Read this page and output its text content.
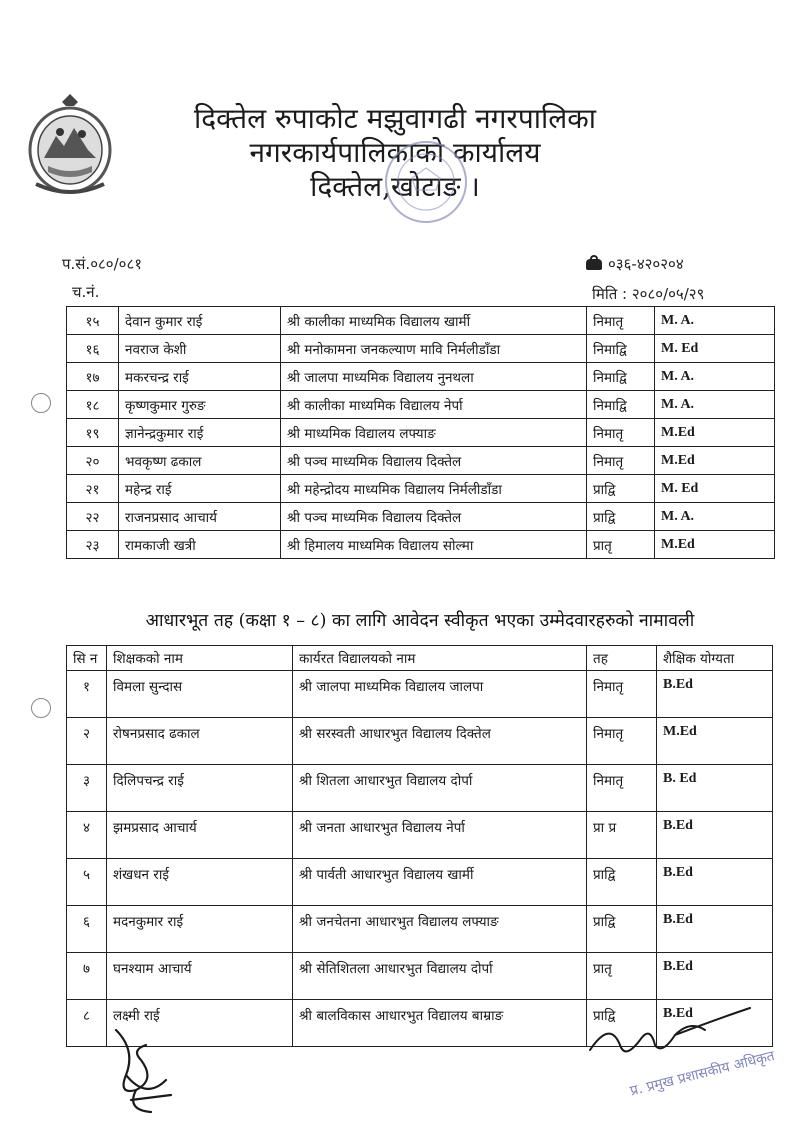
दिक्तेल रुपाकोट मझुवागढी नगरपालिका
नगरकार्यपालिकाको कार्यालय
दिक्तेल,खोटाङ ।
प.सं.०८०/०८१
च.नं.
०३६-४२०२०४
मिति : २०८०/०५/२९
१५	देवान कुमार राई	श्री कालीका माध्यमिक विद्यालय खार्मी	निमातृ	M. A.
१६	नवराज केशी	श्री मनोकामना जनकल्याण मावि निर्मलीडाँडा	निमाद्वि	M. Ed
१७	मकरचन्द्र राई	श्री जालपा माध्यमिक विद्यालय नुनथला	निमाद्वि	M. A.
१८	कृष्णकुमार गुरुङ	श्री कालीका माध्यमिक विद्यालय नेर्पा	निमाद्वि	M. A.
१९	ज्ञानेन्द्रकुमार राई	श्री माध्यमिक विद्यालय लफ्याङ	निमातृ	M.Ed
२०	भवकृष्ण ढकाल	श्री पञ्च माध्यमिक विद्यालय दिक्तेल	निमातृ	M.Ed
२१	महेन्द्र राई	श्री महेन्द्रोदय माध्यमिक विद्यालय निर्मलीडाँडा	प्राद्वि	M. Ed
२२	राजनप्रसाद आचार्य	श्री पञ्च माध्यमिक विद्यालय दिक्तेल	प्राद्वि	M. A.
२३	रामकाजी खत्री	श्री हिमालय माध्यमिक विद्यालय सोल्मा	प्रातृ	M.Ed
आधारभूत तह (कक्षा १ – ८) का लागि आवेदन स्वीकृत भएका उम्मेदवारहरुको नामावली
सि न	शिक्षकको नाम	कार्यरत विद्यालयको नाम	तह	शैक्षिक योग्यता
१	विमला सुन्दास	श्री जालपा माध्यमिक विद्यालय जालपा	निमातृ	B.Ed
२	रोषनप्रसाद ढकाल	श्री सरस्वती आधारभुत विद्यालय दिक्तेल	निमातृ	M.Ed
३	दिलिपचन्द्र राई	श्री शितला आधारभुत विद्यालय दोर्पा	निमातृ	B. Ed
४	झमप्रसाद आचार्य	श्री जनता आधारभुत विद्यालय नेर्पा	प्रा प्र	B.Ed
५	शंखधन राई	श्री पार्वती आधारभुत विद्यालय खार्मी	प्राद्वि	B.Ed
६	मदनकुमार राई	श्री जनचेतना आधारभुत विद्यालय लफ्याङ	प्राद्वि	B.Ed
७	घनश्याम आचार्य	श्री सेतिशितला आधारभुत विद्यालय दोर्पा	प्रातृ	B.Ed
८	लक्ष्मी राई	श्री बालविकास आधारभुत विद्यालय बाम्राङ	प्राद्वि	B.Ed
प्र. प्रमुख प्रशासकीय अधिकृत
